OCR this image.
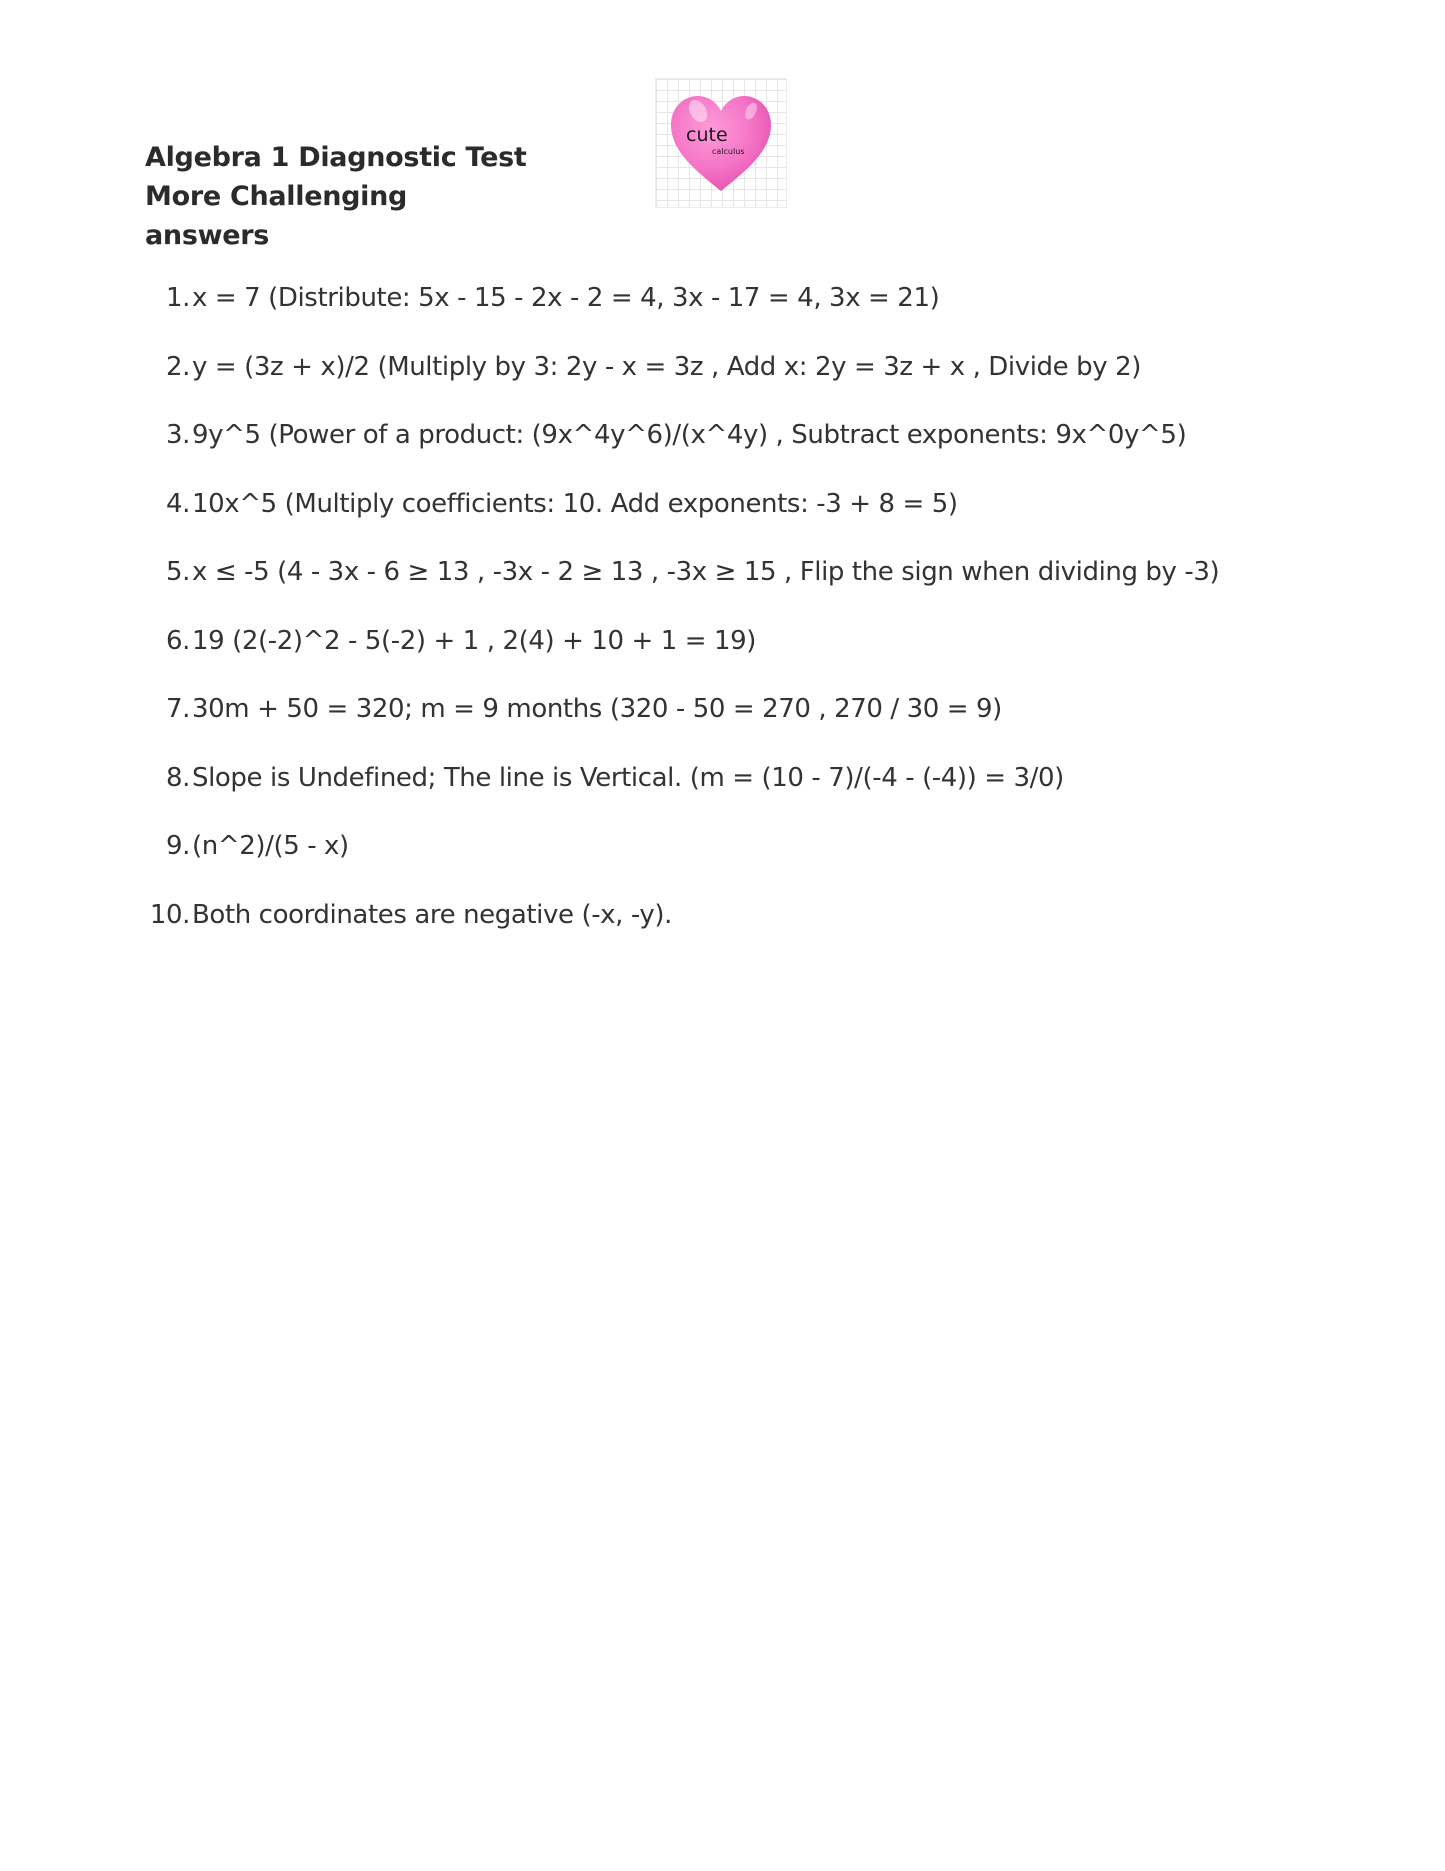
Algebra 1 Diagnostic Test
More Challenging
answers
cute
calculus
1. x = 7 (Distribute: 5x - 15 - 2x - 2 = 4, 3x - 17 = 4, 3x = 21)
2. y = (3z + x)/2 (Multiply by 3: 2y - x = 3z , Add x: 2y = 3z + x , Divide by 2)
3. 9y^5 (Power of a product: (9x^4y^6)/(x^4y) , Subtract exponents: 9x^0y^5)
4. 10x^5 (Multiply coefficients: 10. Add exponents: -3 + 8 = 5)
5. x ≤ -5 (4 - 3x - 6 ≥ 13 , -3x - 2 ≥ 13 , -3x ≥ 15 , Flip the sign when dividing by -3)
6. 19 (2(-2)^2 - 5(-2) + 1 , 2(4) + 10 + 1 = 19)
7. 30m + 50 = 320; m = 9 months (320 - 50 = 270 , 270 / 30 = 9)
8. Slope is Undefined; The line is Vertical. (m = (10 - 7)/(-4 - (-4)) = 3/0)
9. (n^2)/(5 - x)
10. Both coordinates are negative (-x, -y).
